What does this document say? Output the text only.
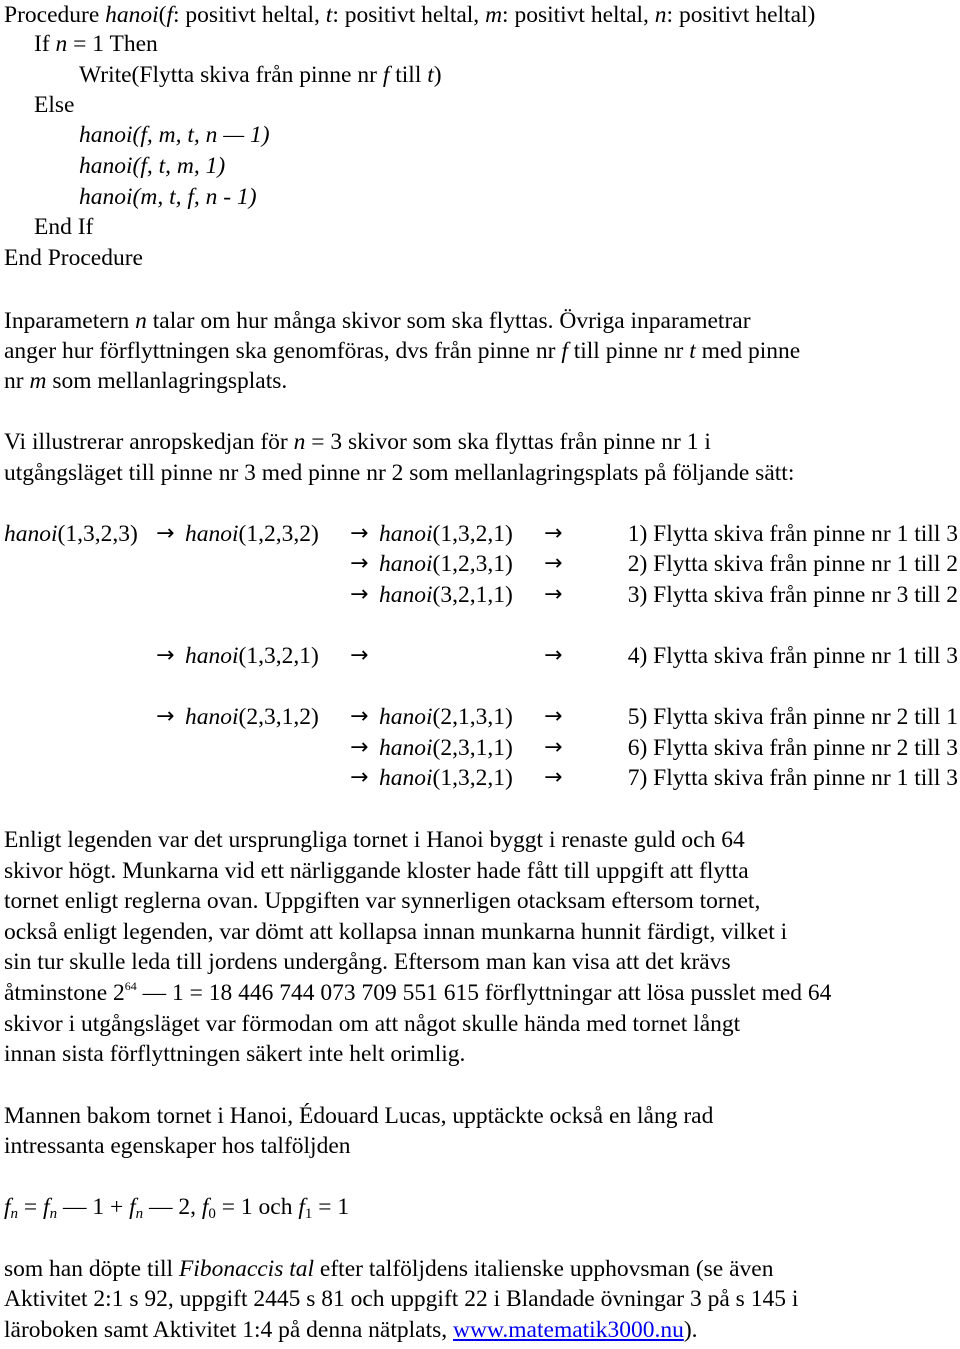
Procedure hanoi(f: positivt heltal, t: positivt heltal, m: positivt heltal, n: positivt heltal)
If n = 1 Then
Write(Flytta skiva från pinne nr f till t)
Else
hanoi(f, m, t, n — 1)
hanoi(f, t, m, 1)
hanoi(m, t, f, n - 1)
End If
End Procedure
Inparametern n talar om hur många skivor som ska flyttas. Övriga inparametrar
anger hur förflyttningen ska genomföras, dvs från pinne nr f till pinne nr t med pinne
nr m som mellanlagringsplats.
Vi illustrerar anropskedjan för n = 3 skivor som ska flyttas från pinne nr 1 i
utgångsläget till pinne nr 3 med pinne nr 2 som mellanlagringsplats på följande sätt:
hanoi(1,3,2,3) → hanoi(1,2,3,2) → hanoi(1,3,2,1) →	1) Flytta skiva från pinne nr 1 till 3
→ hanoi(1,2,3,1) →	2) Flytta skiva från pinne nr 1 till 2
→ hanoi(3,2,1,1) →	3) Flytta skiva från pinne nr 3 till 2
→ hanoi(1,3,2,1) →	→	4) Flytta skiva från pinne nr 1 till 3
→ hanoi(2,3,1,2) → hanoi(2,1,3,1) →	5) Flytta skiva från pinne nr 2 till 1
→ hanoi(2,3,1,1) →	6) Flytta skiva från pinne nr 2 till 3
→ hanoi(1,3,2,1) →	7) Flytta skiva från pinne nr 1 till 3
Enligt legenden var det ursprungliga tornet i Hanoi byggt i renaste guld och 64
skivor högt. Munkarna vid ett närliggande kloster hade fått till uppgift att flytta
tornet enligt reglerna ovan. Uppgiften var synnerligen otacksam eftersom tornet,
också enligt legenden, var dömt att kollapsa innan munkarna hunnit färdigt, vilket i
sin tur skulle leda till jordens undergång. Eftersom man kan visa att det krävs
åtminstone $2^{64}$ — 1 = 18 446 744 073 709 551 615 förflyttningar att lösa pusslet med 64
skivor i utgångsläget var förmodan om att något skulle hända med tornet långt
innan sista förflyttningen säkert inte helt orimlig.
Mannen bakom tornet i Hanoi, Édouard Lucas, upptäckte också en lång rad
intressanta egenskaper hos talföljden
$f_n = f_n$ — $1 + f_n$ — 2, $f_0 = 1$ och $f_1 = 1$
som han döpte till Fibonaccis tal efter talföljdens italienske upphovsman (se även
Aktivitet 2:1 s 92, uppgift 2445 s 81 och uppgift 22 i Blandade övningar 3 på s 145 i
läroboken samt Aktivitet 1:4 på denna nätplats, www.matematik3000.nu).
